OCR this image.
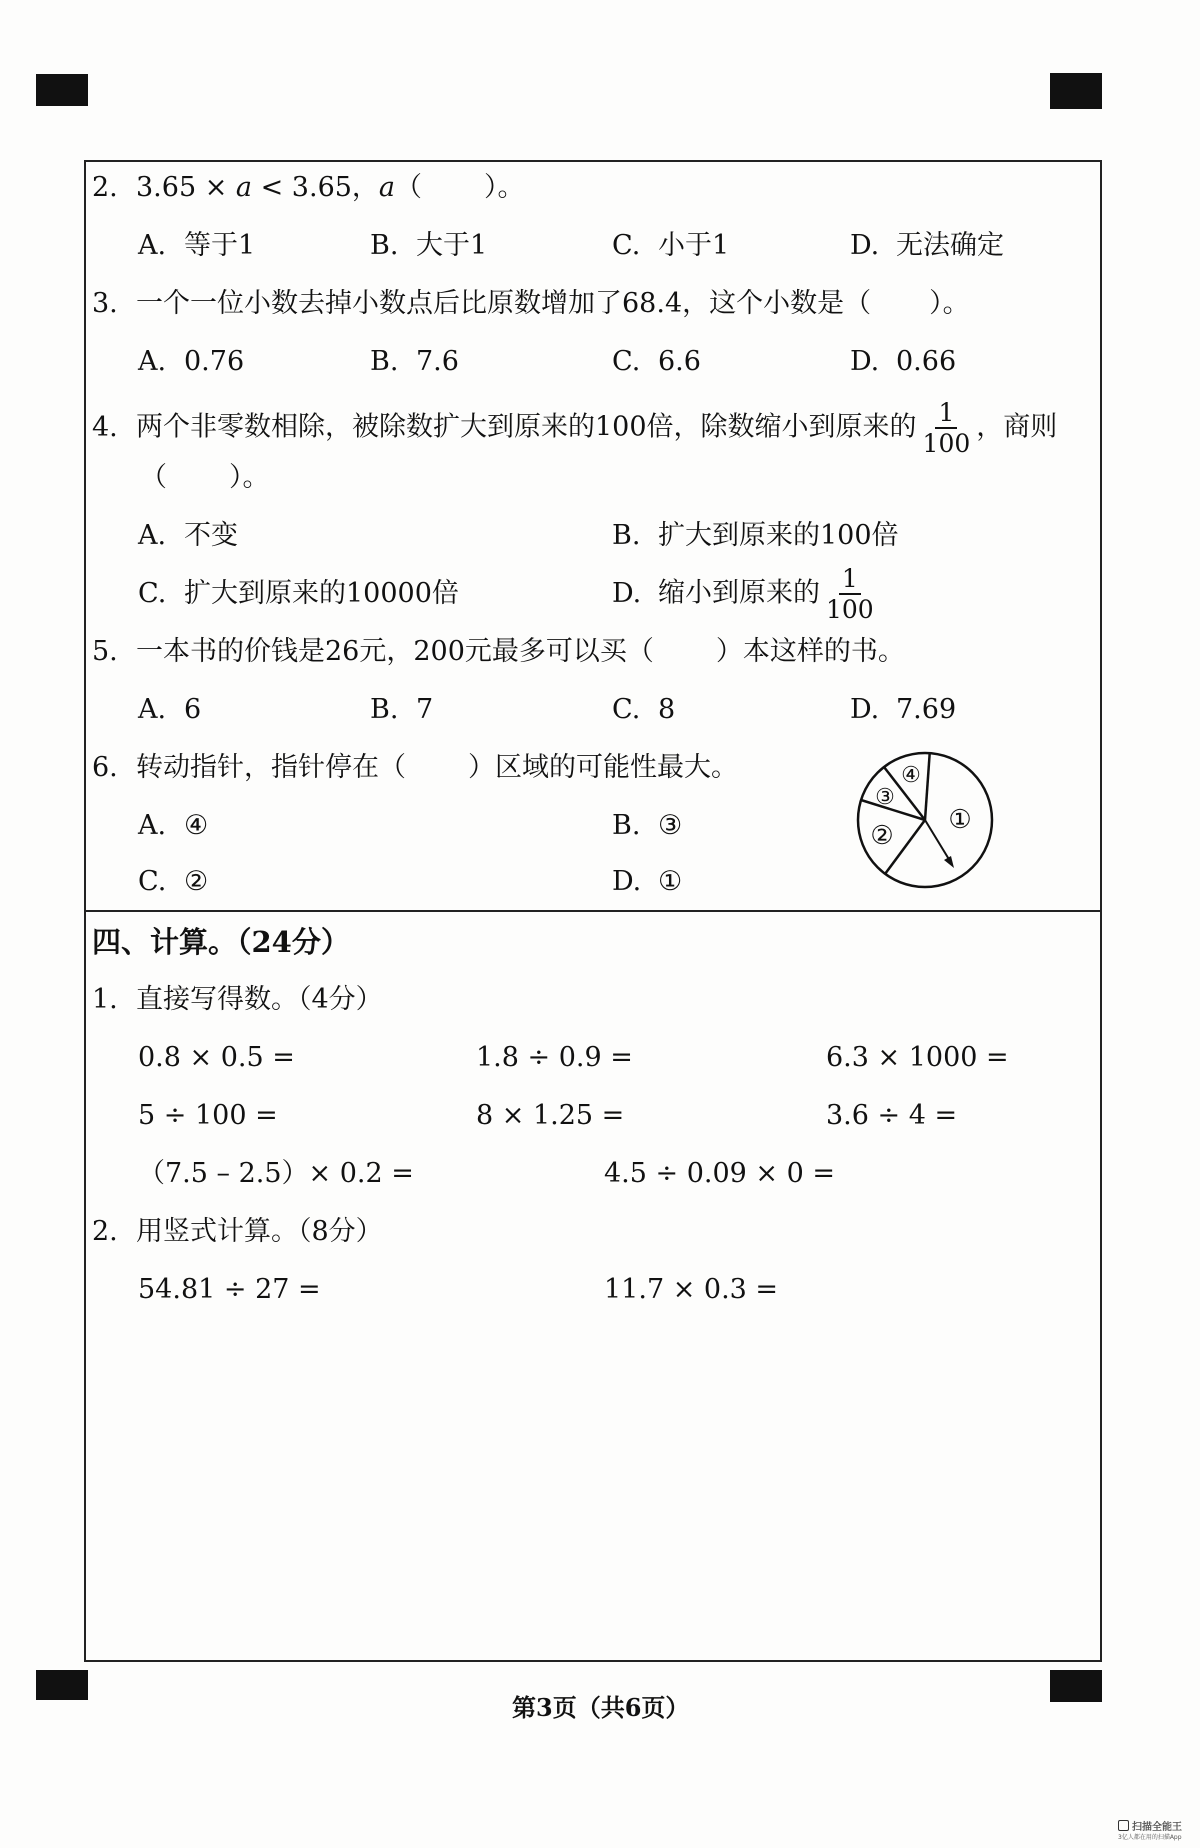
2. 3.65 × a < 3.65，a（ ）。
A. 等于1	B. 大于1	C. 小于1	D. 无法确定
3. 一个一位小数去掉小数点后比原数增加了68.4，这个小数是（ ）。
A. 0.76	B. 7.6	C. 6.6	D. 0.66
4. 两个非零数相除，被除数扩大到原来的100倍，除数缩小到原来的 $\frac{1}{100}$ ，商则
（ ）。
A. 不变	B. 扩大到原来的100倍
C. 扩大到原来的10000倍	D. 缩小到原来的 $\frac{1}{100}$
5. 一本书的价钱是26元，200元最多可以买（ ）本这样的书。
A. 6	B. 7	C. 8	D. 7.69
6. 转动指针，指针停在（ ）区域的可能性最大。
A. ④	B. ③
C. ②	D. ①
①
②
③
④
四、计算。（24分）
1. 直接写得数。（4分）
0.8 × 0.5 =	1.8 ÷ 0.9 =	6.3 × 1000 =
5 ÷ 100 =	8 × 1.25 =	3.6 ÷ 4 =
（7.5 – 2.5）× 0.2 =	4.5 ÷ 0.09 × 0 =
2. 用竖式计算。（8分）
54.81 ÷ 27 =	11.7 × 0.3 =
第3页（共6页）
扫描全能王
3亿人都在用的扫描App
